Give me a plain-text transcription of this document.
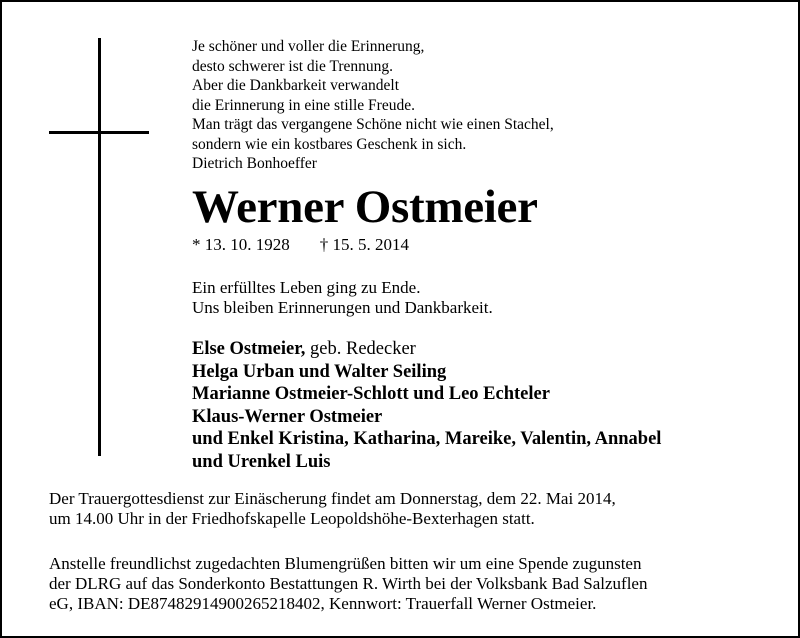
Je schöner und voller die Erinnerung,
desto schwerer ist die Trennung.
Aber die Dankbarkeit verwandelt
die Erinnerung in eine stille Freude.
Man trägt das vergangene Schöne nicht wie einen Stachel,
sondern wie ein kostbares Geschenk in sich.
Dietrich Bonhoeffer
Werner Ostmeier
* 13. 10. 1928 † 15. 5. 2014
Ein erfülltes Leben ging zu Ende.
Uns bleiben Erinnerungen und Dankbarkeit.
Else Ostmeier, geb. Redecker
Helga Urban und Walter Seiling
Marianne Ostmeier-Schlott und Leo Echteler
Klaus-Werner Ostmeier
und Enkel Kristina, Katharina, Mareike, Valentin, Annabel
und Urenkel Luis
Der Trauergottesdienst zur Einäscherung findet am Donnerstag, dem 22. Mai 2014,
um 14.00 Uhr in der Friedhofskapelle Leopoldshöhe-Bexterhagen statt.
Anstelle freundlichst zugedachten Blumengrüßen bitten wir um eine Spende zugunsten
der DLRG auf das Sonderkonto Bestattungen R. Wirth bei der Volksbank Bad Salzuflen
eG, IBAN: DE87482914900265218402, Kennwort: Trauerfall Werner Ostmeier.
